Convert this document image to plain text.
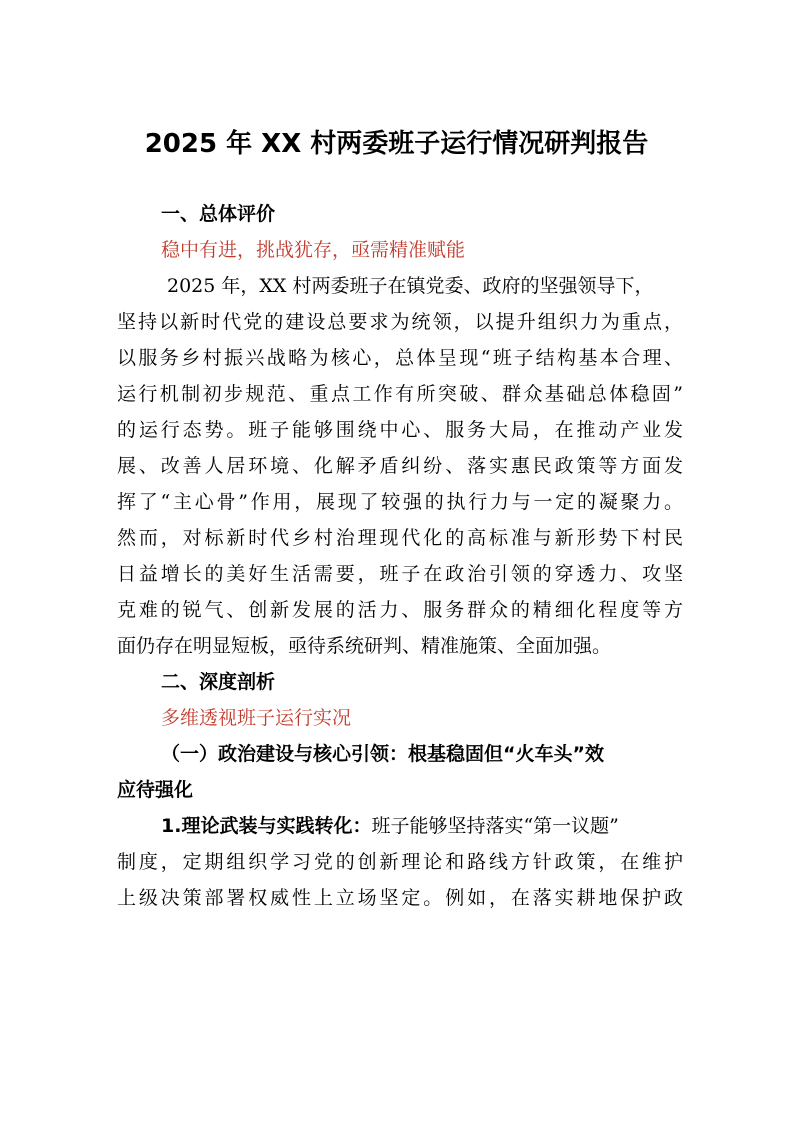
2025 年 XX 村两委班子运行情况研判报告
一、总体评价
稳中有进，挑战犹存，亟需精准赋能
2025 年，XX 村两委班子在镇党委、政府的坚强领导下，
坚持以新时代党的建设总要求为统领，以提升组织力为重点，
以服务乡村振兴战略为核心，总体呈现“班子结构基本合理、
运行机制初步规范、重点工作有所突破、群众基础总体稳固”
的运行态势。班子能够围绕中心、服务大局，在推动产业发
展、改善人居环境、化解矛盾纠纷、落实惠民政策等方面发
挥了“主心骨”作用，展现了较强的执行力与一定的凝聚力。
然而，对标新时代乡村治理现代化的高标准与新形势下村民
日益增长的美好生活需要，班子在政治引领的穿透力、攻坚
克难的锐气、创新发展的活力、服务群众的精细化程度等方
面仍存在明显短板，亟待系统研判、精准施策、全面加强。
二、深度剖析
多维透视班子运行实况
（一）政治建设与核心引领：根基稳固但“火车头”效
应待强化
1.理论武装与实践转化：班子能够坚持落实“第一议题”
制度，定期组织学习党的创新理论和路线方针政策，在维护
上级决策部署权威性上立场坚定。例如，在落实耕地保护政
